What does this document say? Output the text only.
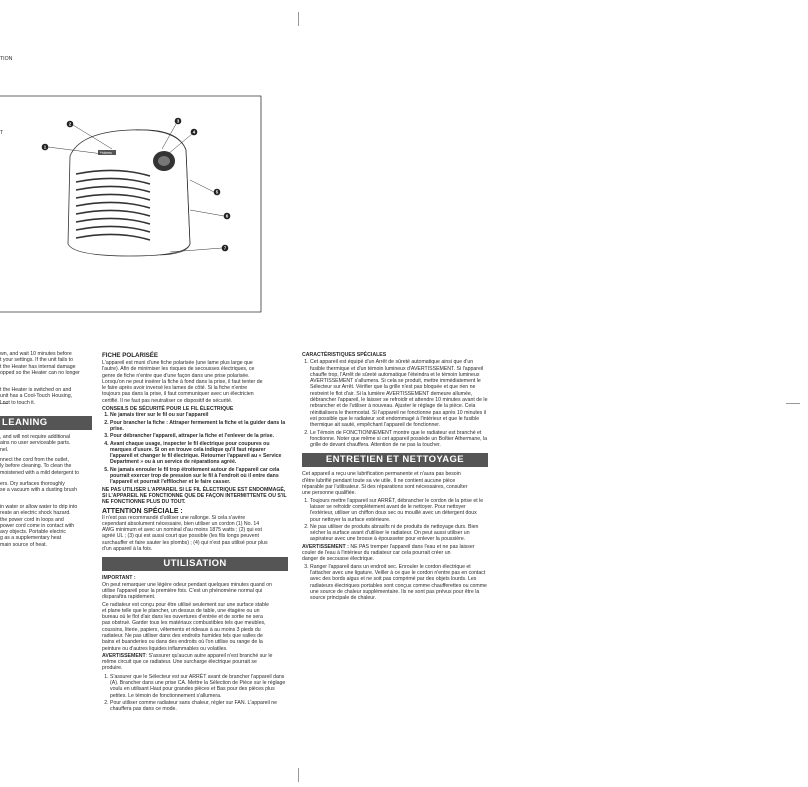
TION
T
Holmes
1
2
3
4
5
6
7
wn, and wait 10 minutes before
t your settings. If the unit fails to
t the Heater has internal damage
opped so the Heater can no longer
t the Heater is switched on and
unit has a Cool-Touch Housing,
l not to touch it.
LEANING
, and will not require additional
ains no user serviceable parts.
nel.
nnect the cord from the outlet,
ly before cleaning. To clean the
moistened with a mild detergent to
ers. Dry surfaces thoroughly
se a vacuum with a dusting brush
in water or allow water to drip into
reate an electric shock hazard.
the power cord in loops and
power cord come in contact with
avy objects. Portable electric
g as a supplementary heat
main source of heat.
FICHE POLARISÉE
L'appareil est muni d'une fiche polarisée (une lame plus large que
l'autre). Afin de minimiser les risques de secousses électriques, ce
genre de fiche n'entre que d'une façon dans une prise polarisée.
Lorsqu'on ne peut insérer la fiche à fond dans la prise, il faut tenter de
le faire après avoir inversé les lames de côté. Si la fiche n'entre
toujours pas dans la prise, il faut communiquer avec un électricien
certifié. Il ne faut pas neutraliser ce dispositif de sécurité.
CONSEILS DE SÉCURITÉ POUR LE FIL ÉLECTRIQUE
1. Ne jamais tirer sur le fil ou sur l'appareil
2. Pour brancher la fiche : Attraper fermement la fiche et la guider dans la prise.
3. Pour débrancher l'appareil, attraper la fiche et l'enlever de la prise.
4. Avant chaque usage, inspecter le fil électrique pour coupures ou marques d'usure. Si on en trouve cela indique qu'il faut réparer l'appareil et changer le fil électrique. Retourner l'appareil au « Service Department » ou à un service de réparations agréé.
5. Ne jamais enrouler le fil trop étroitement autour de l'appareil car cela pourrait exercer trop de pression sur le fil à l'endroit où il entre dans l'appareil et pourrait l'effilocher et le faire casser.
NE PAS UTILISER L'APPAREIL SI LE FIL ÉLECTRIQUE EST ENDOMMAGÉ,
SI L'APPAREIL NE FONCTIONNE QUE DE FAÇON INTERMITTENTE OU S'IL
NE FONCTIONNE PLUS DU TOUT.
ATTENTION SPÉCIALE :
Il n'est pas recommandé d'utiliser une rallonge. Si cela s'avère
cependant absolument nécessaire, bien utiliser un cordon (1) No. 14
AWG minimum et avec un nominal d'au moins 1875 watts ; (2) qui est
agréé UL ; (3) qui est aussi court que possible (les fils longs peuvent
surchauffer et faire sauter les plombs) ; (4) qui n'est pas utilisé pour plus
d'un appareil à la fois.
UTILISATION
IMPORTANT :
On peut remarquer une légère odeur pendant quelques minutes quand on
utilise l'appareil pour la première fois. C'est un phénomène normal qui
disparaîtra rapidement.
Ce radiateur est conçu pour être utilisé seulement sur une surface stable
et plane telle que le plancher, un dessus de table, une étagère ou un
bureau où le flot d'air dans les ouvertures d'entrée et de sortie ne sera
pas obstrué. Garder tous les matériaux combustibles tels que meubles,
coussins, literie, papiers, vêtements et rideaux à au moins 3 pieds du
radiateur. Ne pas utiliser dans des endroits humides tels que salles de
bains et buanderies ou dans des endroits où l'on utilise ou range de la
peinture ou d'autres liquides inflammables ou volatiles.
AVERTISSEMENT: S'assurer qu'aucun autre appareil n'est branché sur le
même circuit que ce radiateur. Une surcharge électrique pourrait se
produire.
1. S'assurer que le Sélecteur est sur ARRÊT avant de brancher l'appareil dans (A). Brancher dans une prise CA. Mettre la Sélection de Pièce sur le réglage voulu en utilisant Haut pour grandes pièces et Bas pour des pièces plus petites. Le témoin de fonctionnement s'allumera.
2. Pour utiliser comme radiateur sans chaleur, régler sur FAN. L'appareil ne chauffera pas dans ce mode.
CARACTÉRISTIQUES SPÉCIALES
1. Cet appareil est équipé d'un Arrêt de sûreté automatique ainsi que d'un fusible thermique et d'un témoin lumineux d'AVERTISSEMENT. Si l'appareil chauffe trop, l'Arrêt de sûreté automatique l'éteindra et le témoin lumineux AVERTISSEMENT s'allumera. Si cela se produit, mettre immédiatement le Sélecteur sur Arrêt. Vérifier que la grille n'est pas bloquée et que rien ne restreint le flot d'air. Si la lumière AVERTISSEMENT demeure allumée, débrancher l'appareil, le laisser se refroidir et attendre 10 minutes avant de le rebrancher et de l'utiliser à nouveau. Ajuster le réglage de la pièce. Cela réinitialisera le thermostat. Si l'appareil ne fonctionne pas après 10 minutes il est possible que le radiateur soit endommagé à l'intérieur et que le fusible thermique ait sauté, empêchant l'appareil de fonctionner.
2. Le Témoin de FONCTIONNEMENT montre que le radiateur est branché et fonctionne. Noter que même si cet appareil possède un Boîtier Athermane, la grille de devant chauffera. Attention de ne pas la toucher.
ENTRETIEN ET NETTOYAGE
Cet appareil a reçu une lubrification permanente et n'aura pas besoin
d'être lubrifié pendant toute sa vie utile. Il ne contient aucune pièce
réparable par l'utilisateur. Si des réparations sont nécessaires, consulter
une personne qualifiée.
1. Toujours mettre l'appareil sur ARRÊT, débrancher le cordon de la prise et le laisser se refroidir complètement avant de le nettoyer. Pour nettoyer l'extérieur, utiliser un chiffon doux sec ou mouillé avec un détergent doux pour nettoyer la surface extérieure.
2. Ne pas utiliser de produits abrasifs ni de produits de nettoyage durs. Bien sécher la surface avant d'utiliser le radiateur. On peut aussi utiliser un aspirateur avec une brosse à épousseter pour enlever la poussière.
AVERTISSEMENT : NE PAS tremper l'appareil dans l'eau et ne pas laisser
couler de l'eau à l'intérieur du radiateur car cela pourrait créer un
danger de secousse électrique.
3. Ranger l'appareil dans un endroit sec. Enrouler le cordon électrique et l'attacher avec une ligature. Veiller à ce que le cordon n'entre pas en contact avec des bords aigus et ne soit pas comprimé par des objets lourds. Les radiateurs électriques portables sont conçus comme chaufferettes ou comme une source de chaleur supplémentaire. Ils ne sont pas prévus pour être la source principale de chaleur.
